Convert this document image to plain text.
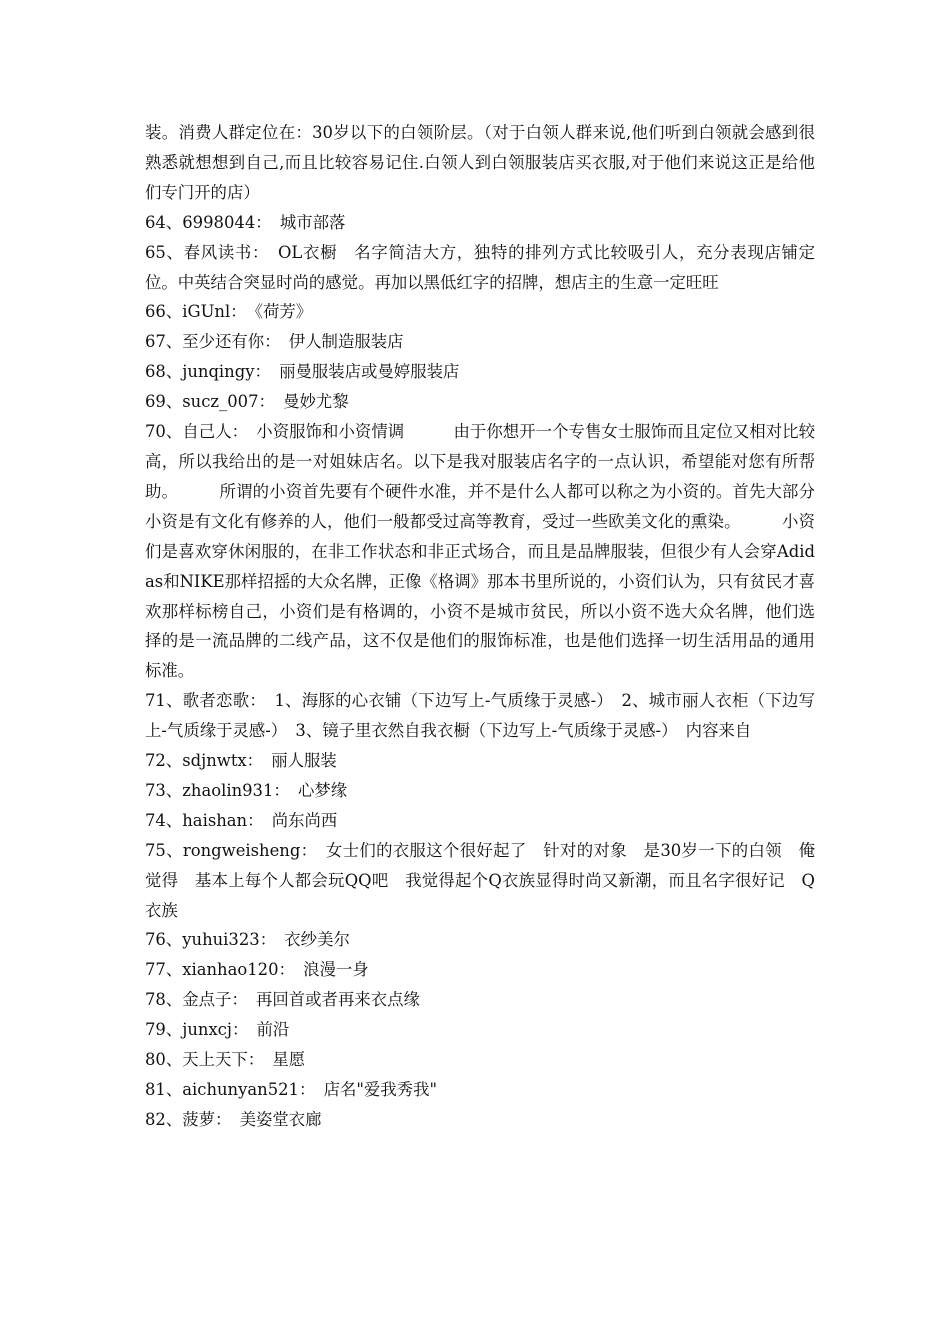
装。消费人群定位在：30岁以下的白领阶层。（对于白领人群来说,他们听到白领就会感到很熟悉就想想到自己,而且比较容易记住.白领人到白领服装店买衣服,对于他们来说这正是给他们专门开的店）

64、6998044：　城市部落

65、春风读书：　OL衣橱　名字简洁大方，独特的排列方式比较吸引人，充分表现店铺定位。中英结合突显时尚的感觉。再加以黑低红字的招牌，想店主的生意一定旺旺

66、iGUnl：　《荷芳》

67、至少还有你：　伊人制造服装店

68、junqingy：　丽曼服装店或曼婷服装店

69、sucz_007：　曼妙尤黎

70、自己人：　小资服饰和小资情调　　　由于你想开一个专售女士服饰而且定位又相对比较高，所以我给出的是一对姐妹店名。以下是我对服装店名字的一点认识，希望能对您有所帮助。　　　所谓的小资首先要有个硬件水准，并不是什么人都可以称之为小资的。首先大部分小资是有文化有修养的人，他们一般都受过高等教育，受过一些欧美文化的熏染。　　　小资们是喜欢穿休闲服的，在非工作状态和非正式场合，而且是品牌服装，但很少有人会穿Adidas和NIKE那样招摇的大众名牌，正像《格调》那本书里所说的，小资们认为，只有贫民才喜欢那样标榜自己，小资们是有格调的，小资不是城市贫民，所以小资不选大众名牌，他们选择的是一流品牌的二线产品，这不仅是他们的服饰标准，也是他们选择一切生活用品的通用标准。

71、歌者恋歌：　1、海豚的心衣铺（下边写上-气质缘于灵感-）　2、城市丽人衣柜（下边写上-气质缘于灵感-）　3、镜子里衣然自我衣橱（下边写上-气质缘于灵感-）　内容来自

72、sdjnwtx：　丽人服装

73、zhaolin931：　心梦缘

74、haishan：　尚东尚西

75、rongweisheng：　女士们的衣服这个很好起了　针对的对象　是30岁一下的白领　俺觉得　基本上每个人都会玩QQ吧　我觉得起个Q衣族显得时尚又新潮，而且名字很好记　Q衣族

76、yuhui323：　衣纱美尔

77、xianhao120：　浪漫一身

78、金点子：　再回首或者再来衣点缘

79、junxcj：　前沿

80、天上天下：　星愿

81、aichunyan521：　店名"爱我秀我"

82、菠萝：　美姿堂衣廊
